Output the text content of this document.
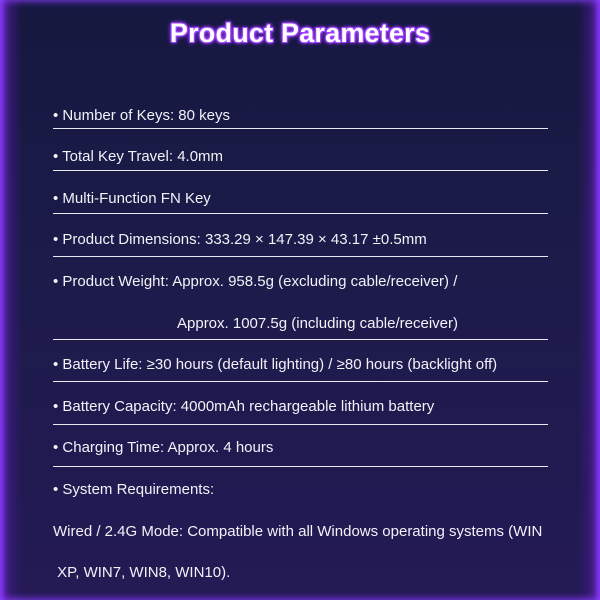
Product Parameters
• Number of Keys: 80 keys
• Total Key Travel: 4.0mm
• Multi-Function FN Key
• Product Dimensions: 333.29 × 147.39 × 43.17 ±0.5mm
• Product Weight: Approx. 958.5g (excluding cable/receiver) /
Approx. 1007.5g (including cable/receiver)
• Battery Life: ≥30 hours (default lighting) / ≥80 hours (backlight off)
• Battery Capacity: 4000mAh rechargeable lithium battery
• Charging Time: Approx. 4 hours
• System Requirements:
Wired / 2.4G Mode: Compatible with all Windows operating systems (WIN
XP, WIN7, WIN8, WIN10).
